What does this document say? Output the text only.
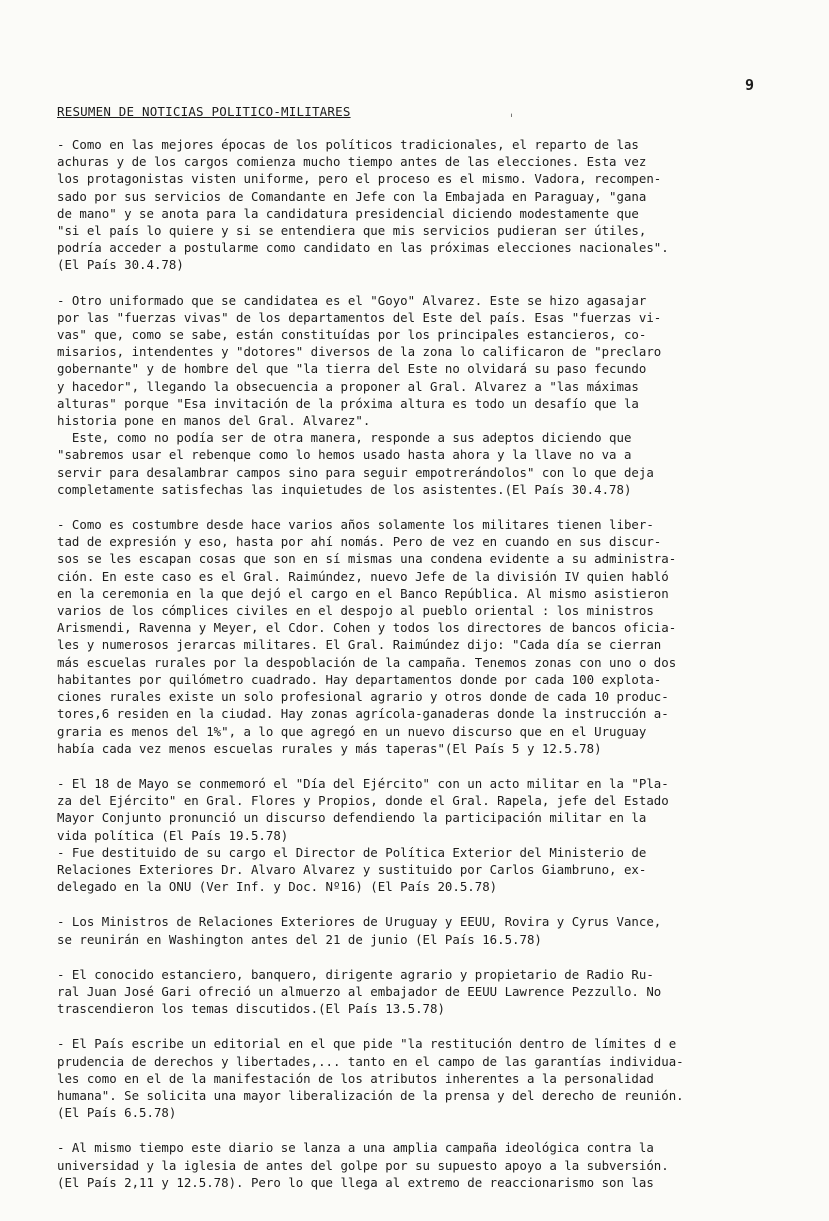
9
RESUMEN DE NOTICIAS POLITICO-MILITARES	ˌ
- Como en las mejores épocas de los políticos tradicionales, el reparto de las
achuras y de los cargos comienza mucho tiempo antes de las elecciones. Esta vez
los protagonistas visten uniforme, pero el proceso es el mismo. Vadora, recompen-
sado por sus servicios de Comandante en Jefe con la Embajada en Paraguay, "gana
de mano" y se anota para la candidatura presidencial diciendo modestamente que
"si el país lo quiere y si se entendiera que mis servicios pudieran ser útiles,
podría acceder a postularme como candidato en las próximas elecciones nacionales".
(El País 30.4.78)
- Otro uniformado que se candidatea es el "Goyo" Alvarez. Este se hizo agasajar
por las "fuerzas vivas" de los departamentos del Este del país. Esas "fuerzas vi-
vas" que, como se sabe, están constituídas por los principales estancieros, co-
misarios, intendentes y "dotores" diversos de la zona lo calificaron de "preclaro
gobernante" y de hombre del que "la tierra del Este no olvidará su paso fecundo
y hacedor", llegando la obsecuencia a proponer al Gral. Alvarez a "las máximas
alturas" porque "Esa invitación de la próxima altura es todo un desafío que la
historia pone en manos del Gral. Alvarez".
Este, como no podía ser de otra manera, responde a sus adeptos diciendo que
"sabremos usar el rebenque como lo hemos usado hasta ahora y la llave no va a
servir para desalambrar campos sino para seguir empotrerándolos" con lo que deja
completamente satisfechas las inquietudes de los asistentes.(El País 30.4.78)
- Como es costumbre desde hace varios años solamente los militares tienen liber-
tad de expresión y eso, hasta por ahí nomás. Pero de vez en cuando en sus discur-
sos se les escapan cosas que son en sí mismas una condena evidente a su administra-
ción. En este caso es el Gral. Raimúndez, nuevo Jefe de la división IV quien habló
en la ceremonia en la que dejó el cargo en el Banco República. Al mismo asistieron
varios de los cómplices civiles en el despojo al pueblo oriental : los ministros
Arismendi, Ravenna y Meyer, el Cdor. Cohen y todos los directores de bancos oficia-
les y numerosos jerarcas militares. El Gral. Raimúndez dijo: "Cada día se cierran
más escuelas rurales por la despoblación de la campaña. Tenemos zonas con uno o dos
habitantes por quilómetro cuadrado. Hay departamentos donde por cada 100 explota-
ciones rurales existe un solo profesional agrario y otros donde de cada 10 produc-
tores,6 residen en la ciudad. Hay zonas agrícola-ganaderas donde la instrucción a-
graria es menos del 1%", a lo que agregó en un nuevo discurso que en el Uruguay
había cada vez menos escuelas rurales y más taperas"(El País 5 y 12.5.78)
- El 18 de Mayo se conmemoró el "Día del Ejército" con un acto militar en la "Pla-
za del Ejército" en Gral. Flores y Propios, donde el Gral. Rapela, jefe del Estado
Mayor Conjunto pronunció un discurso defendiendo la participación militar en la
vida política (El País 19.5.78)
- Fue destituido de su cargo el Director de Política Exterior del Ministerio de
Relaciones Exteriores Dr. Alvaro Alvarez y sustituido por Carlos Giambruno, ex-
delegado en la ONU (Ver Inf. y Doc. Nº16) (El País 20.5.78)
- Los Ministros de Relaciones Exteriores de Uruguay y EEUU, Rovira y Cyrus Vance,
se reunirán en Washington antes del 21 de junio (El País 16.5.78)
- El conocido estanciero, banquero, dirigente agrario y propietario de Radio Ru-
ral Juan José Gari ofreció un almuerzo al embajador de EEUU Lawrence Pezzullo. No
trascendieron los temas discutidos.(El País 13.5.78)
- El País escribe un editorial en el que pide "la restitución dentro de límites d e
prudencia de derechos y libertades,... tanto en el campo de las garantías individua-
les como en el de la manifestación de los atributos inherentes a la personalidad
humana". Se solicita una mayor liberalización de la prensa y del derecho de reunión.
(El País 6.5.78)
- Al mismo tiempo este diario se lanza a una amplia campaña ideológica contra la
universidad y la iglesia de antes del golpe por su supuesto apoyo a la subversión.
(El País 2,11 y 12.5.78). Pero lo que llega al extremo de reaccionarismo son las
